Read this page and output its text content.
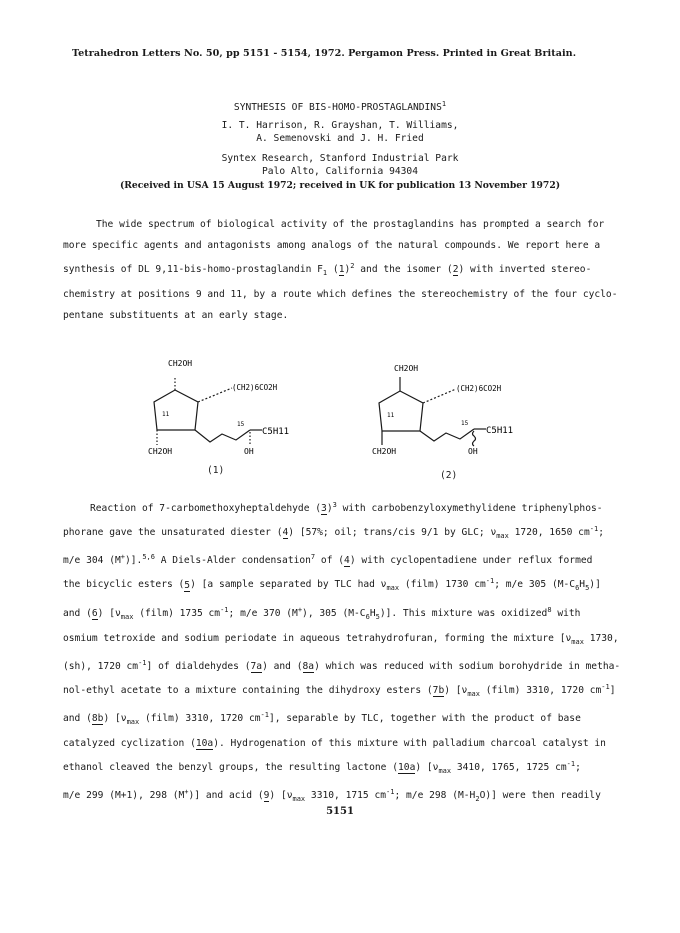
Tetrahedron Letters No. 50, pp 5151 - 5154, 1972. Pergamon Press. Printed in Great Britain.
SYNTHESIS OF BIS-HOMO-PROSTAGLANDINS$^1$
I. T. Harrison, R. Grayshan, T. Williams,
A. Semenovski and J. H. Fried
Syntex Research, Stanford Industrial Park
Palo Alto, California 94304
(Received in USA 15 August 1972; received in UK for publication 13 November 1972)
The wide spectrum of biological activity of the prostaglandins has prompted a search for
more specific agents and antagonists among analogs of the natural compounds. We report here a
synthesis of DL 9,11-bis-homo-prostaglandin $F_1$ $(1)^2$ and the isomer (2) with inverted stereo-
chemistry at positions 9 and 11, by a route which defines the stereochemistry of the four cyclo-
pentane substituents at an early stage.
CH2OH
(CH2)6CO2H
11
15
C5H11
CH2OH	OH
(1)
CH2OH
(CH2)6CO2H
11
15
C5H11
CH2OH	OH
(2)
Reaction of 7-carbomethoxyheptaldehyde $(3)^3$ with carbobenzyloxymethylidene triphenylphos-
phorane gave the unsaturated diester (4) [57%; oil; trans/cis 9/1 by GLC; $\nu_{max}$ 1720, 1650 $cm^{-1}$;
m/e 304 (M+)].$^{5,6}$ A Diels-Alder condensation$^7$ of (4) with cyclopentadiene under reflux formed
the bicyclic esters (5) [a sample separated by TLC had $\nu_{max}$ (film) 1730 $cm^{-1}$; m/e 305 $(M-C_6H_5)$]
and (6) [$\nu_{max}$ (film) 1735 $cm^{-1}$; m/e 370 (M+), 305 $(M-C_6H_5)$]. This mixture was oxidized$^8$ with
osmium tetroxide and sodium periodate in aqueous tetrahydrofuran, forming the mixture [$\nu_{max}$ 1730,
(sh), 1720 $cm^{-1}$] of dialdehydes (7a) and (8a) which was reduced with sodium borohydride in metha-
nol-ethyl acetate to a mixture containing the dihydroxy esters (7b) [$\nu_{max}$ (film) 3310, 1720 $cm^{-1}$]
and (8b) [$\nu_{max}$ (film) 3310, 1720 $cm^{-1}$], separable by TLC, together with the product of base
catalyzed cyclization (10a). Hydrogenation of this mixture with palladium charcoal catalyst in
ethanol cleaved the benzyl groups, the resulting lactone (10a) [$\nu_{max}$ 3410, 1765, 1725 $cm^{-1}$;
m/e 299 (M+1), 298 (M+)] and acid (9) [$\nu_{max}$ 3310, 1715 $cm^{-1}$; m/e 298 $(M-H_2O)$] were then readily
5151
